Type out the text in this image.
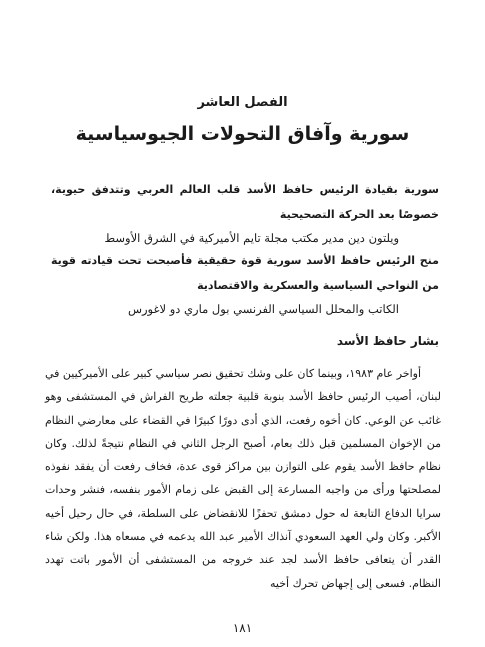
الفصل العاشر
سورية وآفاق التحولات الجيوسياسية
سورية بقيادة الرئيس حافظ الأسد قلب العالم العربي وتتدفق حيوية، خصوصًا بعد الحركة التصحيحية
ويلتون دين مدير مكتب مجلة تايم الأميركية في الشرق الأوسط
منح الرئيس حافظ الأسد سورية قوة حقيقية فأصبحت تحت قيادته قوية من النواحي السياسية والعسكرية والاقتصادية
الكاتب والمحلل السياسي الفرنسي بول ماري دو لاغورس
بشار حافظ الأسد
أواخر عام ١٩٨٣، وبينما كان على وشك تحقيق نصر سياسي كبير على الأميركيين في لبنان، أصيب الرئيس حافظ الأسد بنوبة قلبية جعلته طريح الفراش في المستشفى وهو غائب عن الوعي. كان أخوه رفعت، الذي أدى دورًا كبيرًا في القضاء على معارضي النظام من الإخوان المسلمين قبل ذلك بعام، أصبح الرجل الثاني في النظام نتيجةً لذلك. وكان نظام حافظ الأسد يقوم على التوازن بين مراكز قوى عدة، فخاف رفعت أن يفقد نفوذه لمصلحتها ورأى من واجبه المسارعة إلى القبض على زمام الأمور بنفسه، فنشر وحدات سرايا الدفاع التابعة له حول دمشق تحفزًا للانقضاض على السلطة، في حال رحيل أخيه الأكبر. وكان ولي العهد السعودي آنذاك الأمير عبد الله يدعمه في مسعاه هذا. ولكن شاء القدر أن يتعافى حافظ الأسد لجد عند خروجه من المستشفى أن الأمور باتت تهدد النظام. فسعى إلى إجهاض تحرك أخيه
١٨١
